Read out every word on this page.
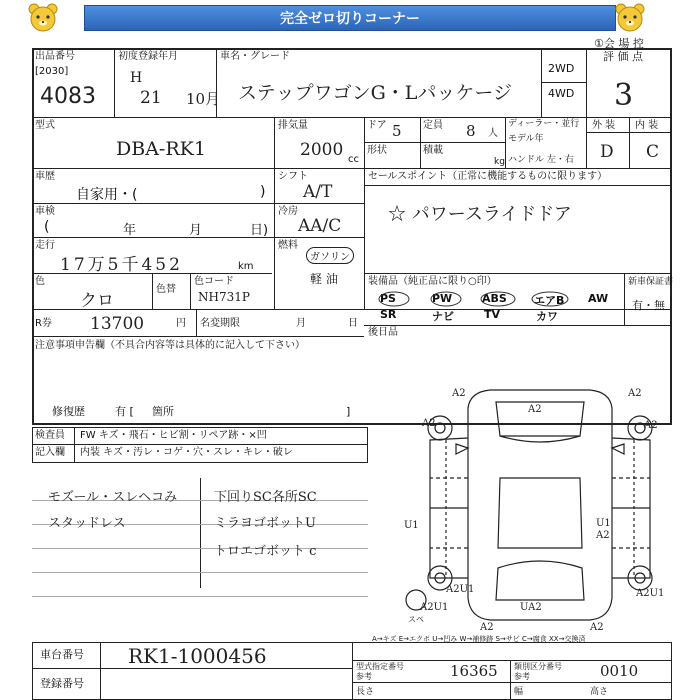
完全ゼロ切りコーナー
①会 場 控
出品番号
[2030]
4083
初度登録年月
H
21 10月
車名・グレード
ステップワゴンG・Lパッケージ
2WD
4WD
評 価 点
3
型式
DBA-RK1
排気量
2000 cc
ドア 5 定員 8 人
形状	積載
kg
ディーラー・並行
モデル年
ハンドル 左・右
外 装 内 装
D C
車歴
自家用・(	)
シフト
A/T
車検
(	年	月	日)
冷房
AA/C
走行
17万5千452	km
燃料
ガソリン
軽 油
色
クロ
色替
色コード
NH731P
セールスポイント（正常に機能するものに限ります）
☆ パワースライドドア
装備品（純正品に限り○印）	新車保証書
有・無
PS	PW	ABS エアB AW
SR	ナビ	TV	カワ
後日品
R券 13700	円 名変期限	月	日
注意事項申告欄（不具合内容等は具体的に記入して下さい）
修復歴	有 [ 箇所	]
検査員
記入欄
FW キズ・飛石・ヒビ割・リペア跡・×凹
内装 キズ・汚レ・コゲ・穴・スレ・キレ・破レ
モズール・スレヘコみ
スタッドレス
下回りSC各所SC
ミラヨゴボットU
トロエゴボット c
A2
A2
A2	A2
A2
U1	U1
A2
A2U1
A2U1
A2U1
UA2
A2	A2
スペ
A→キズ E→エクボ U→凹み W→補修跡 S→サビ C→腐食 XX→交換済
車台番号 RK1-1000456
登録番号
型式指定番号
参考	16365 類別区分番号
参考	0010
長さ	幅	高さ
